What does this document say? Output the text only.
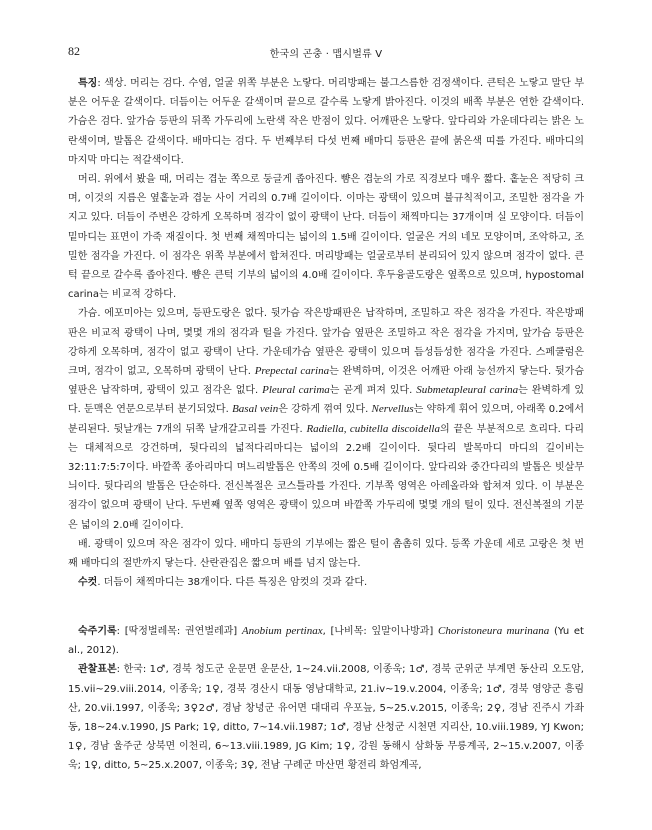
82	한국의 곤충 · 맵시벌류 V

특징: 색상. 머리는 검다. 수염, 얼굴 위쪽 부분은 노랗다. 머리방패는 불그스름한 검정색이다. 큰턱은 노랗고 말단 부분은 어두운 갈색이다. 더듬이는 어두운 갈색이며 끝으로 갈수록 노랗게 밝아진다. 이것의 배쪽 부분은 연한 갈색이다. 가슴은 검다. 앞가슴 등판의 뒤쪽 가두리에 노란색 작은 반점이 있다. 어깨판은 노랗다. 앞다리와 가운데다리는 밝은 노란색이며, 발톱은 갈색이다. 배마디는 검다. 두 번째부터 다섯 번째 배마디 등판은 끝에 붉은색 띠를 가진다. 배마디의 마지막 마디는 적갈색이다.

머리. 위에서 봤을 때, 머리는 겹눈 쪽으로 둥글게 좁아진다. 뺨은 겹눈의 가로 직경보다 매우 짧다. 홑눈은 적당히 크며, 이것의 지름은 옆홑눈과 겹눈 사이 거리의 0.7배 길이이다. 이마는 광택이 있으며 불규칙적이고, 조밀한 점각을 가지고 있다. 더듬이 주변은 강하게 오목하며 점각이 없이 광택이 난다. 더듬이 채찍마디는 37개이며 실 모양이다. 더듬이 밑마디는 표면이 가죽 재질이다. 첫 번째 채찍마디는 넓이의 1.5배 길이이다. 얼굴은 거의 네모 모양이며, 조악하고, 조밀한 점각을 가진다. 이 점각은 위쪽 부분에서 합쳐진다. 머리방패는 얼굴로부터 분리되어 있지 않으며 점각이 없다. 큰턱 끝으로 갈수록 좁아진다. 뺨은 큰턱 기부의 넓이의 4.0배 길이이다. 후두융골도랑은 옆쪽으로 있으며, hypostomal carina는 비교적 강하다.

가슴. 에포미아는 있으며, 등판도랑은 없다. 뒷가슴 작은방패판은 납작하며, 조밀하고 작은 점각을 가진다. 작은방패판은 비교적 광택이 나며, 몇몇 개의 점각과 털을 가진다. 앞가슴 옆판은 조밀하고 작은 점각을 가지며, 앞가슴 등판은 강하게 오목하며, 점각이 없고 광택이 난다. 가운데가슴 옆판은 광택이 있으며 듬성듬성한 점각을 가진다. 스페쿨럼은 크며, 점각이 없고, 오목하며 광택이 난다. Prepectal carina는 완벽하며, 이것은 어깨판 아래 능선까지 닿는다. 뒷가슴 옆판은 납작하며, 광택이 있고 점각은 없다. Pleural carima는 곧게 펴져 있다. Submetapleural carina는 완벽하게 있다. 둔맥은 연문으로부터 분기되었다. Basal vein은 강하게 꺾여 있다. Nervellus는 약하게 휘어 있으며, 아래쪽 0.2에서 분리된다. 뒷날개는 7개의 뒤쪽 날개갈고리를 가진다. Radiella, cubitella discoidella의 끝은 부분적으로 흐리다. 다리는 대체적으로 강건하며, 뒷다리의 넓적다리마디는 넓이의 2.2배 길이이다. 뒷다리 발목마디 마디의 길이비는 32:11:7:5:7이다. 바깥쪽 종아리마디 며느리발톱은 안쪽의 것에 0.5배 길이이다. 앞다리와 중간다리의 발톱은 빗살무늬이다. 뒷다리의 발톱은 단순하다. 전신복절은 코스틀라를 가진다. 기부쪽 영역은 아레올라와 합쳐져 있다. 이 부분은 점각이 없으며 광택이 난다. 두번째 옆쪽 영역은 광택이 있으며 바깥쪽 가두리에 몇몇 개의 털이 있다. 전신복절의 기문은 넓이의 2.0배 길이이다.

배. 광택이 있으며 작은 점각이 있다. 배마디 등판의 기부에는 짧은 털이 촘촘히 있다. 등쪽 가운데 세로 고랑은 첫 번째 배마디의 절반까지 닿는다. 산란관집은 짧으며 배를 넘지 않는다.

수컷. 더듬이 채찍마디는 38개이다. 다른 특징은 암컷의 것과 같다.

숙주기록: [딱정벌레목: 권연벌레과] Anobium pertinax, [나비목: 잎말이나방과] Choristoneura murinana (Yu et al., 2012).

관찰표본: 한국: 1♂, 경북 청도군 운문면 운문산, 1~24.vii.2008, 이종욱; 1♂, 경북 군위군 부계면 동산리 오도암, 15.vii~29.viii.2014, 이종욱; 1♀, 경북 경산시 대동 영남대학교, 21.iv~19.v.2004, 이종욱; 1♂, 경북 영양군 흥림산, 20.vii.1997, 이종욱; 3♀2♂, 경남 창녕군 유어면 대대리 우포늪, 5~25.v.2015, 이종욱; 2♀, 경남 진주시 가좌동, 18~24.v.1990, JS Park; 1♀, ditto, 7~14.vii.1987; 1♂, 경남 산청군 시천면 지리산, 10.viii.1989, YJ Kwon; 1♀, 경남 울주군 상북면 이천리, 6~13.viii.1989, JG Kim; 1♀, 강원 동해시 삼화동 무릉계곡, 2~15.v.2007, 이종욱; 1♀, ditto, 5~25.x.2007, 이종욱; 3♀, 전남 구례군 마산면 황전리 화엄계곡,
